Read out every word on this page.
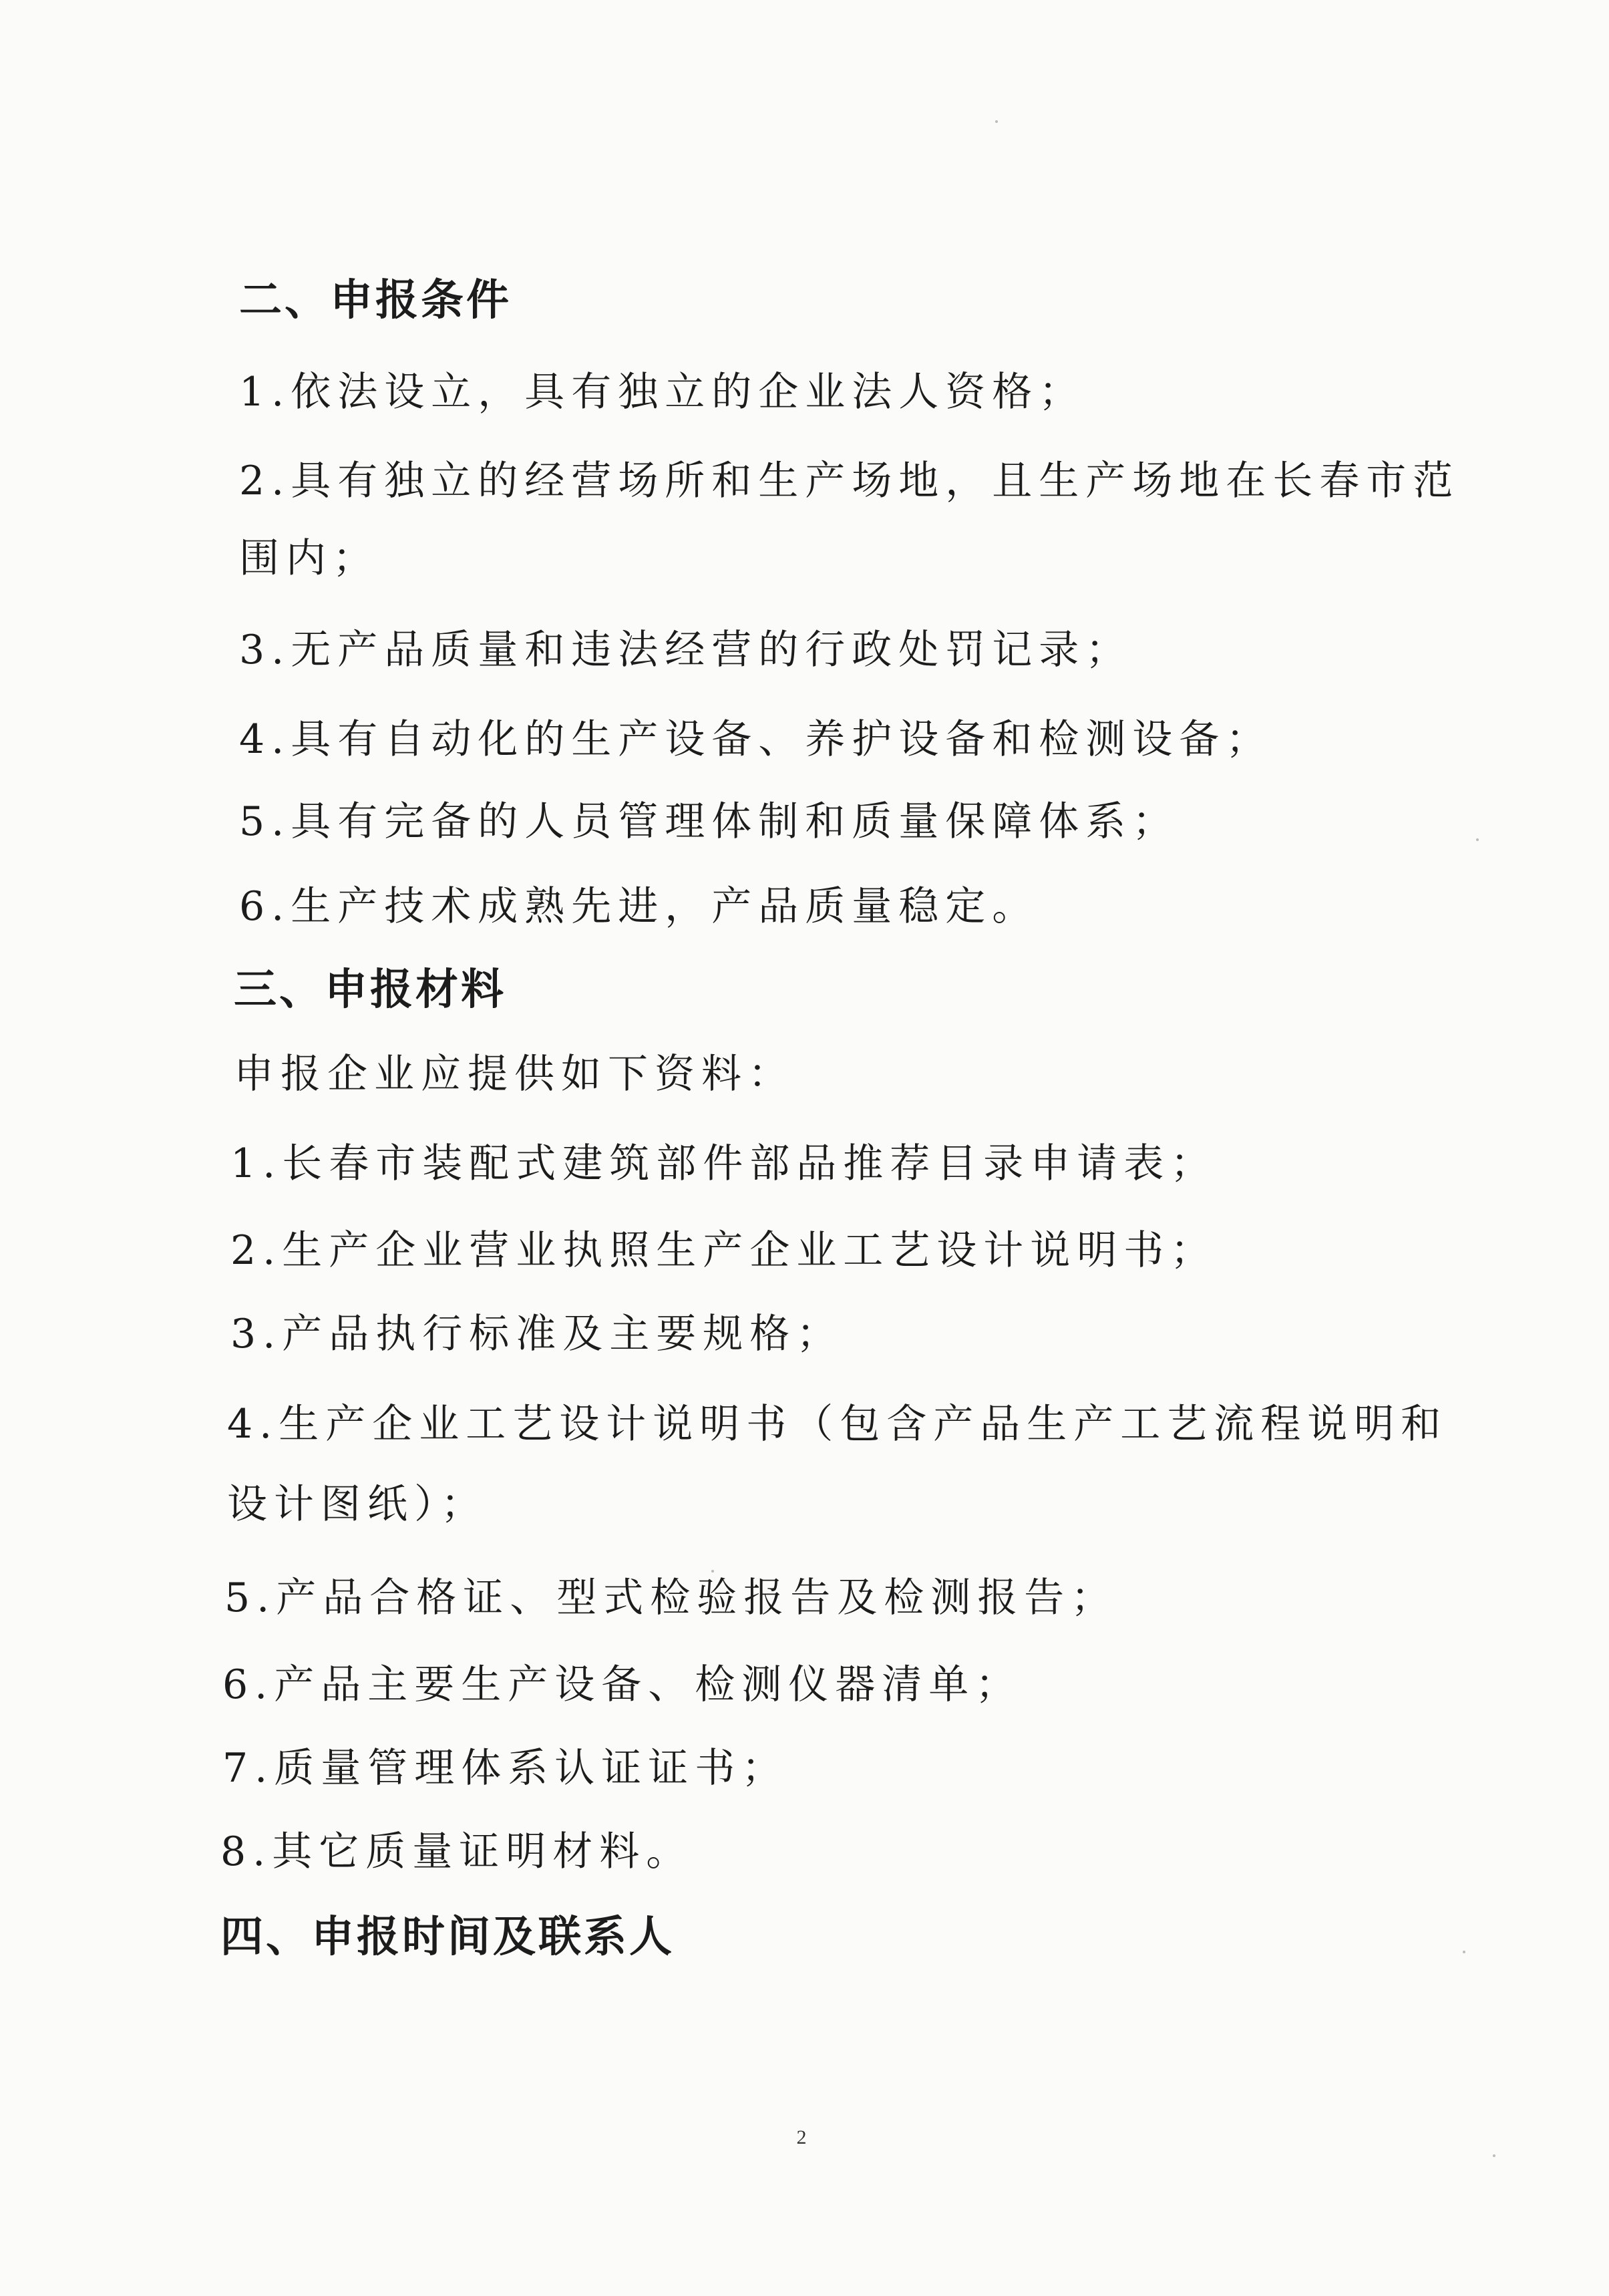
二、申报条件
1.依法设立，具有独立的企业法人资格；
2.具有独立的经营场所和生产场地，且生产场地在长春市范
围内；
3.无产品质量和违法经营的行政处罚记录；
4.具有自动化的生产设备、养护设备和检测设备；
5.具有完备的人员管理体制和质量保障体系；
6.生产技术成熟先进，产品质量稳定。
三、申报材料
申报企业应提供如下资料：
1.长春市装配式建筑部件部品推荐目录申请表；
2.生产企业营业执照生产企业工艺设计说明书；
3.产品执行标准及主要规格；
4.生产企业工艺设计说明书（包含产品生产工艺流程说明和
设计图纸）；
5.产品合格证、型式检验报告及检测报告；
6.产品主要生产设备、检测仪器清单；
7.质量管理体系认证证书；
8.其它质量证明材料。
四、申报时间及联系人
2
